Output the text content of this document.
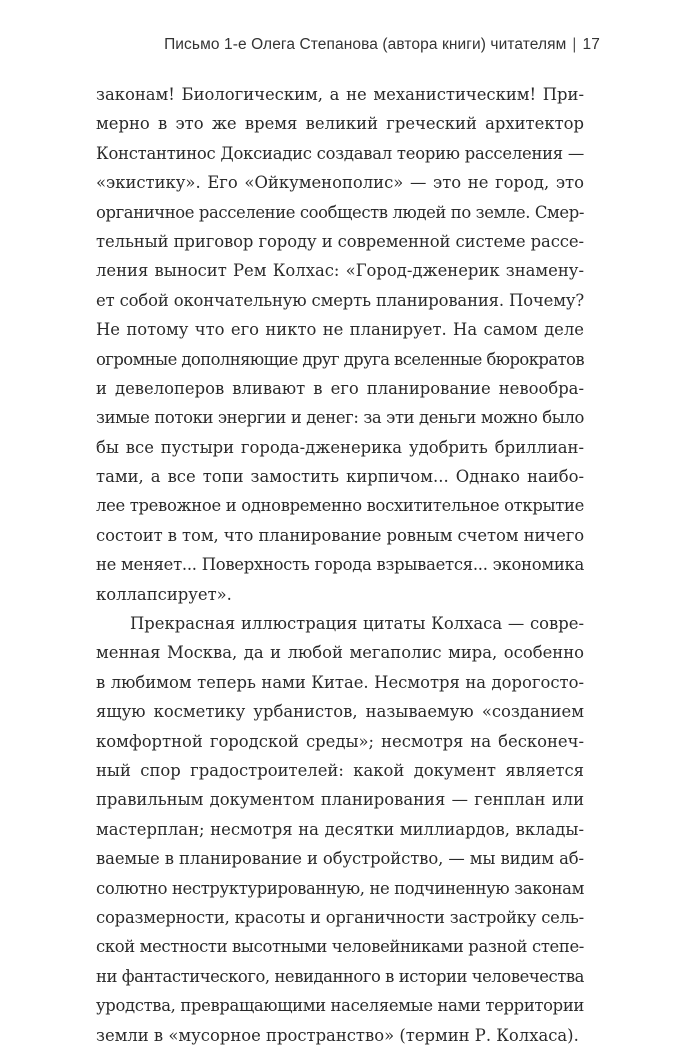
Письмо 1-е Олега Степанова (автора книги) читателям | 17
законам! Биологическим, а не механистическим! При-
мерно в это же время великий греческий архитектор
Константинос Доксиадис создавал теорию расселения —
«экистику». Его «Ойкуменополис» — это не город, это
органичное расселение сообществ людей по земле. Смер-
тельный приговор городу и современной системе рассе-
ления выносит Рем Колхас: «Город-дженерик знамену-
ет собой окончательную смерть планирования. Почему?
Не потому что его никто не планирует. На самом деле
огромные дополняющие друг друга вселенные бюрократов
и девелоперов вливают в его планирование невообра-
зимые потоки энергии и денег: за эти деньги можно было
бы все пустыри города-дженерика удобрить бриллиан-
тами, а все топи замостить кирпичом... Однако наибо-
лее тревожное и одновременно восхитительное открытие
состоит в том, что планирование ровным счетом ничего
не меняет... Поверхность города взрывается... экономика
коллапсирует».
Прекрасная иллюстрация цитаты Колхаса — совре-
менная Москва, да и любой мегаполис мира, особенно
в любимом теперь нами Китае. Несмотря на дорогосто-
ящую косметику урбанистов, называемую «созданием
комфортной городской среды»; несмотря на бесконеч-
ный спор градостроителей: какой документ является
правильным документом планирования — генплан или
мастерплан; несмотря на десятки миллиардов, вклады-
ваемые в планирование и обустройство, — мы видим аб-
солютно неструктурированную, не подчиненную законам
соразмерности, красоты и органичности застройку сель-
ской местности высотными человейниками разной степе-
ни фантастического, невиданного в истории человечества
уродства, превращающими населяемые нами территории
земли в «мусорное пространство» (термин Р. Колхаса).
